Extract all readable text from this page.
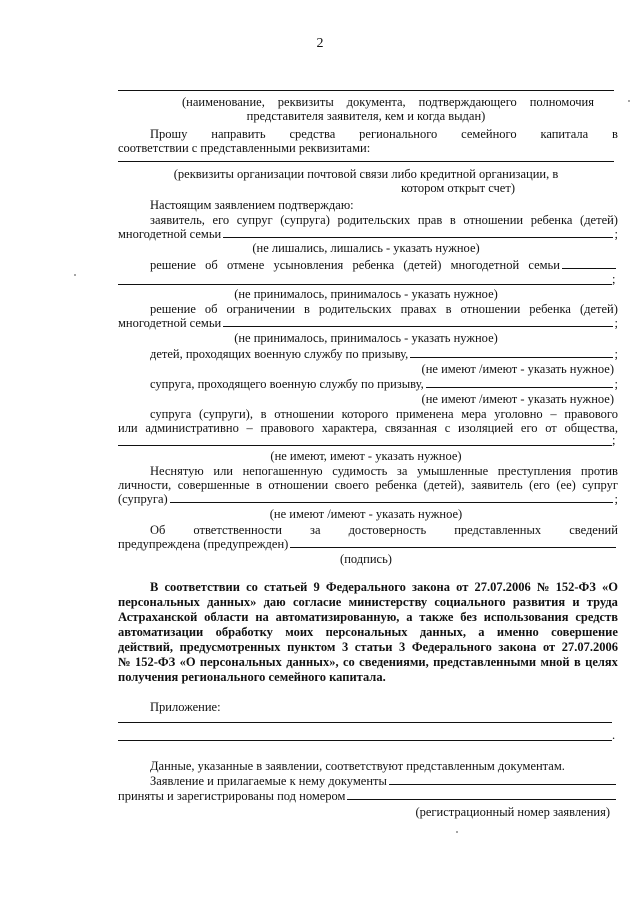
2
(наименование, реквизиты документа, подтверждающего полномочия
представителя заявителя, кем и когда выдан)
Прошу направить средства регионального семейного капитала в
соответствии с представленными реквизитами:
(реквизиты организации почтовой связи либо кредитной организации, в
котором открыт счет)
Настоящим заявлением подтверждаю:
заявитель, его супруг (супруга) родительских прав в отношении ребенка (детей)
многодетной семьи	;
(не лишались, лишались - указать нужное)
решение об отмене усыновления ребенка (детей) многодетной семьи
;
(не принималось, принималось - указать нужное)
решение об ограничении в родительских правах в отношении ребенка (детей)
многодетной семьи	;
(не принималось, принималось - указать нужное)
детей, проходящих военную службу по призыву,	;
(не имеют /имеют - указать нужное)
супруга, проходящего военную службу по призыву,	;
(не имеют /имеют - указать нужное)
супруга (супруги), в отношении которого применена мера уголовно – правового
или административно – правового характера, связанная с изоляцией его от общества,
;
(не имеют, имеют - указать нужное)
Неснятую или непогашенную судимость за умышленные преступления против
личности, совершенные в отношении своего ребенка (детей), заявитель (его (ее) супруг
(супруга)	;
(не имеют /имеют - указать нужное)
Об ответственности за достоверность представленных сведений
предупреждена (предупрежден)
(подпись)
В соответствии со статьей 9 Федерального закона от 27.07.2006 № 152-ФЗ «О
персональных данных» даю согласие министерству социального развития и труда
Астраханской области на автоматизированную, а также без использования средств
автоматизации обработку моих персональных данных, а именно совершение
действий, предусмотренных пунктом 3 статьи 3 Федерального закона от 27.07.2006
№ 152-ФЗ «О персональных данных», со сведениями, представленными мной в целях
получения регионального семейного капитала.
Приложение:
.
Данные, указанные в заявлении, соответствуют представленным документам.
Заявление и прилагаемые к нему документы
приняты и зарегистрированы под номером
(регистрационный номер заявления)
